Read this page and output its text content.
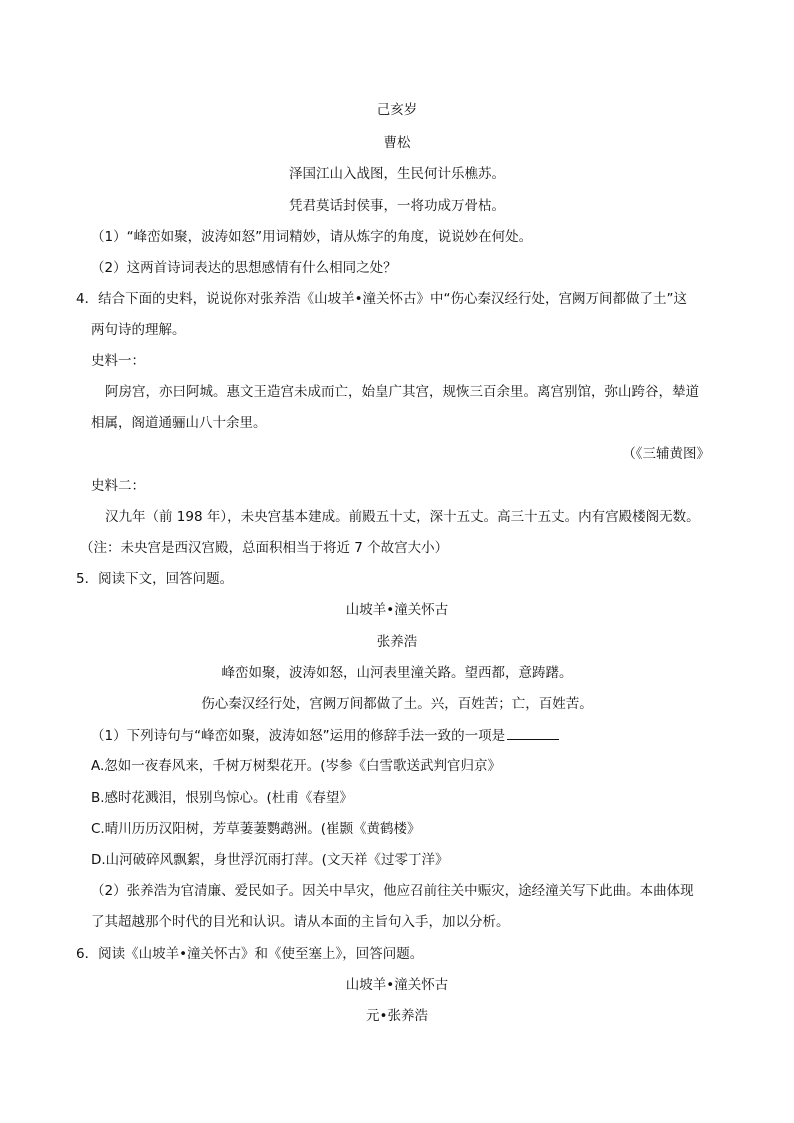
己亥岁
曹松
泽国江山入战图，生民何计乐樵苏。
凭君莫话封侯事，一将功成万骨枯。
（1）“峰峦如聚，波涛如怒”用词精妙，请从炼字的角度，说说妙在何处。
（2）这两首诗词表达的思想感情有什么相同之处？
4．结合下面的史料，说说你对张养浩《山坡羊•潼关怀古》中“伤心秦汉经行处，宫阙万间都做了土”这
两句诗的理解。
史料一：
阿房宫，亦曰阿城。惠文王造宫未成而亡，始皇广其宫，规恢三百余里。离宫别馆，弥山跨谷，辇道
相属，阁道通骊山八十余里。
（《三辅黄图》
史料二：
汉九年（前 198 年），未央宫基本建成。前殿五十丈，深十五丈。高三十五丈。内有宫殿楼阁无数。
（注：未央宫是西汉宫殿，总面积相当于将近 7 个故宫大小）
5．阅读下文，回答问题。
山坡羊•潼关怀古
张养浩
峰峦如聚，波涛如怒，山河表里潼关路。望西都，意踌躇。
伤心秦汉经行处，宫阙万间都做了土。兴，百姓苦；亡，百姓苦。
（1）下列诗句与“峰峦如聚，波涛如怒”运用的修辞手法一致的一项是
A.忽如一夜春风来，千树万树梨花开。(岑参《白雪歌送武判官归京》
B.感时花溅泪，恨别鸟惊心。(杜甫《春望》
C.晴川历历汉阳树，芳草萋萋鹦鹉洲。(崔颢《黄鹤楼》
D.山河破碎风飘絮，身世浮沉雨打萍。(文天祥《过零丁洋》
（2）张养浩为官清廉、爱民如子。因关中旱灾，他应召前往关中赈灾，途经潼关写下此曲。本曲体现
了其超越那个时代的目光和认识。请从本面的主旨句入手，加以分析。
6．阅读《山坡羊•潼关怀古》和《使至塞上》，回答问题。
山坡羊•潼关怀古
元•张养浩
